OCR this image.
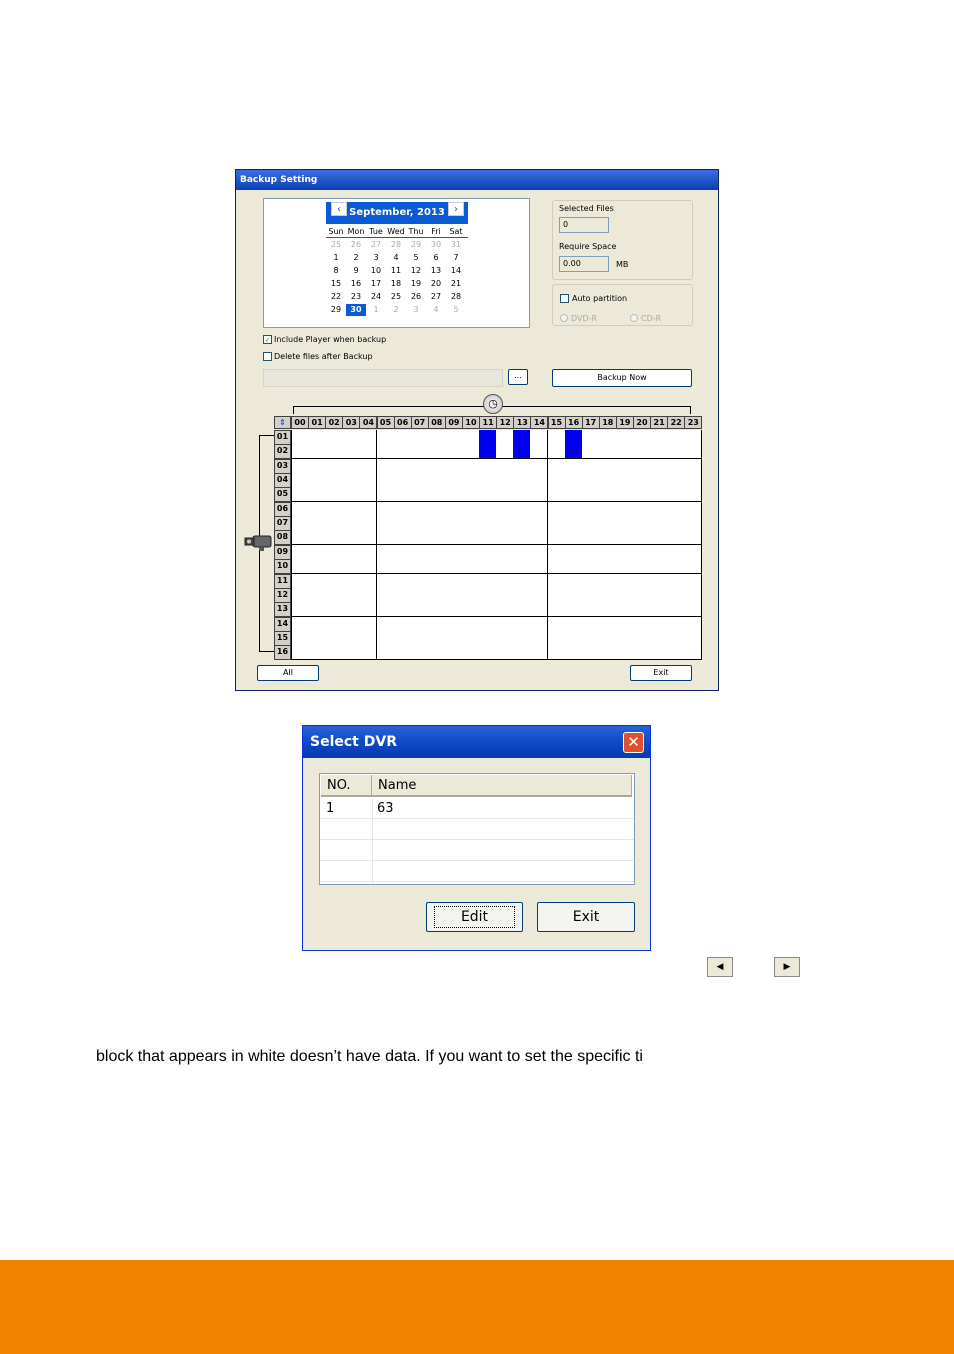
Backup Setting
September, 2013
‹	›
Sun Mon Tue Wed Thu Fri	Sat
25	26	27	28	29	30	31
1	2	3	4	5	6	7
8	9	10	11	12	13	14
15	16	17	18	19	20	21
22	23	24	25	26	27	28
29	30	1	2	3	4	5
Selected Files
0
Require Space
0.00	MB
Auto partition
DVD-R	CD-R
✓ Include Player when backup
Delete files after Backup
...	Backup Now
◷
⇕	00 01 02 03 04 05 06 07 08 09 10 11 12 13 14 15 16 17 18 19 20 21 22 23
01
02
03
04
05
06
07
08
09
10
11
12
13
14
15
16
All	Exit
Select DVR	✕
NO.	Name
1	63
Edit	Exit
◀	▶
block that appears in white doesn’t have data. If you want to set the specific ti
